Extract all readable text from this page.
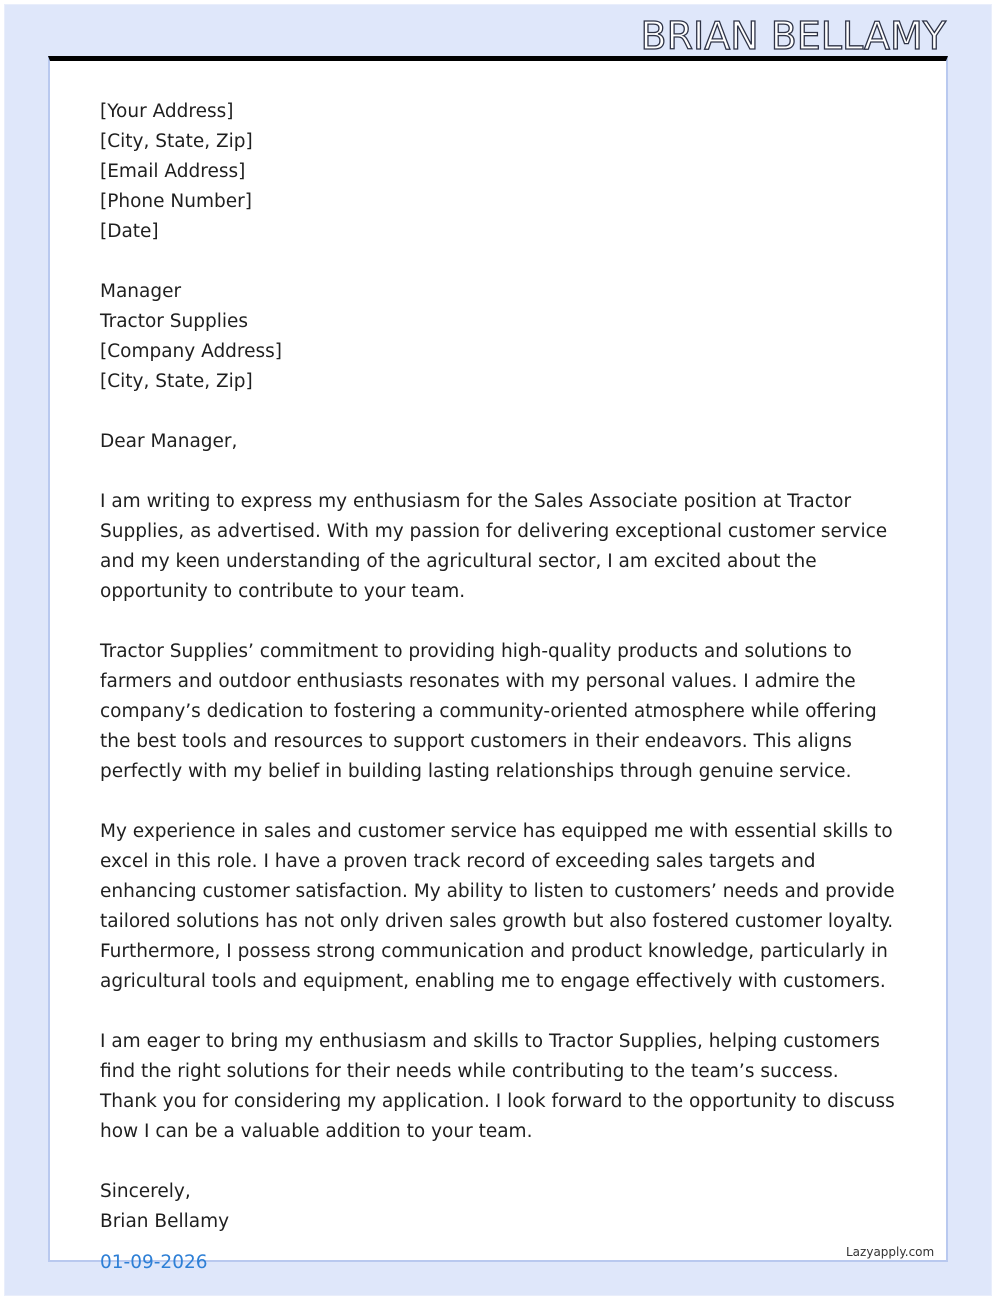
BRIAN BELLAMY
[Your Address]
[City, State, Zip]
[Email Address]
[Phone Number]
[Date]
Manager
Tractor Supplies
[Company Address]
[City, State, Zip]
Dear Manager,
I am writing to express my enthusiasm for the Sales Associate position at Tractor Supplies, as advertised. With my passion for delivering exceptional customer service and my keen understanding of the agricultural sector, I am excited about the opportunity to contribute to your team.
Tractor Supplies’ commitment to providing high-quality products and solutions to farmers and outdoor enthusiasts resonates with my personal values. I admire the company’s dedication to fostering a community-oriented atmosphere while offering the best tools and resources to support customers in their endeavors. This aligns perfectly with my belief in building lasting relationships through genuine service.
My experience in sales and customer service has equipped me with essential skills to excel in this role. I have a proven track record of exceeding sales targets and enhancing customer satisfaction. My ability to listen to customers’ needs and provide tailored solutions has not only driven sales growth but also fostered customer loyalty. Furthermore, I possess strong communication and product knowledge, particularly in agricultural tools and equipment, enabling me to engage effectively with customers.
I am eager to bring my enthusiasm and skills to Tractor Supplies, helping customers find the right solutions for their needs while contributing to the team’s success. Thank you for considering my application. I look forward to the opportunity to discuss how I can be a valuable addition to your team.
Sincerely,
Brian Bellamy
01-09-2026	Lazyapply.com
